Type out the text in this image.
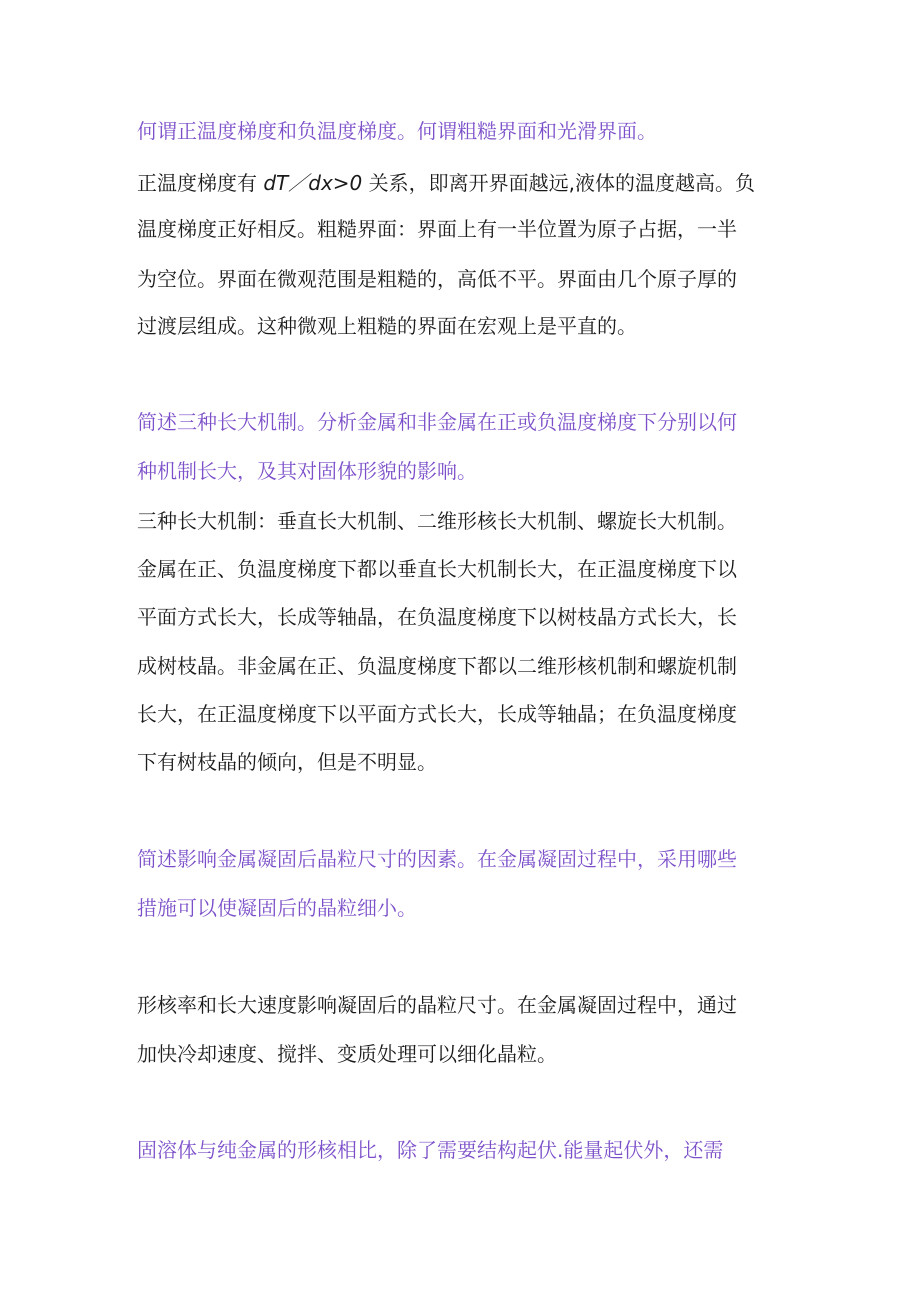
何谓正温度梯度和负温度梯度。何谓粗糙界面和光滑界面。
正温度梯度有 dT／dx>0 关系，即离开界面越远,液体的温度越高。负
温度梯度正好相反。粗糙界面：界面上有一半位置为原子占据，一半
为空位。界面在微观范围是粗糙的，高低不平。界面由几个原子厚的
过渡层组成。这种微观上粗糙的界面在宏观上是平直的。
简述三种长大机制。分析金属和非金属在正或负温度梯度下分别以何
种机制长大，及其对固体形貌的影响。
三种长大机制：垂直长大机制、二维形核长大机制、螺旋长大机制。
金属在正、负温度梯度下都以垂直长大机制长大，在正温度梯度下以
平面方式长大，长成等轴晶，在负温度梯度下以树枝晶方式长大，长
成树枝晶。非金属在正、负温度梯度下都以二维形核机制和螺旋机制
长大，在正温度梯度下以平面方式长大，长成等轴晶；在负温度梯度
下有树枝晶的倾向，但是不明显。
简述影响金属凝固后晶粒尺寸的因素。在金属凝固过程中，采用哪些
措施可以使凝固后的晶粒细小。
形核率和长大速度影响凝固后的晶粒尺寸。在金属凝固过程中，通过
加快冷却速度、搅拌、变质处理可以细化晶粒。
固溶体与纯金属的形核相比，除了需要结构起伏.能量起伏外，还需
